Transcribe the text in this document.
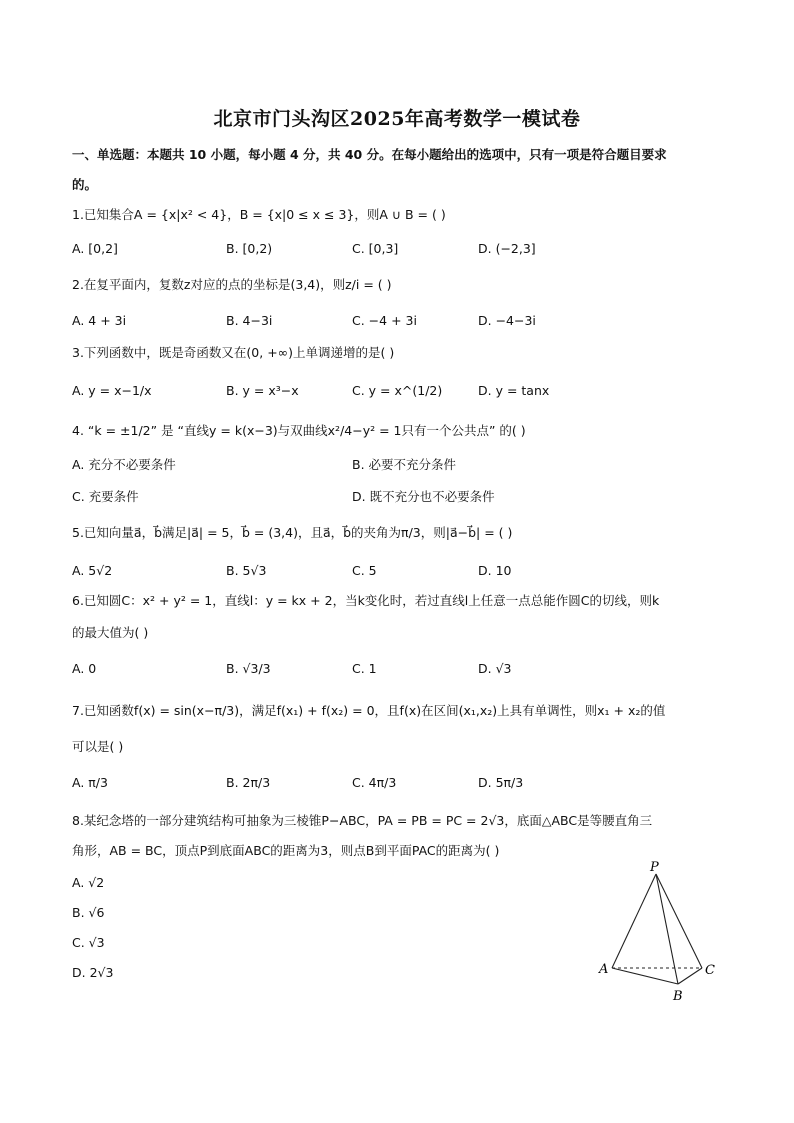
北京市门头沟区2025年高考数学一模试卷
一、单选题：本题共 10 小题，每小题 4 分，共 40 分。在每小题给出的选项中，只有一项是符合题目要求
的。
1.已知集合A = {x|x² < 4}，B = {x|0 ≤ x ≤ 3}，则A ∪ B = ( )
A. [0,2]	B. [0,2)	C. [0,3]	D. (−2,3]
2.在复平面内，复数z对应的点的坐标是(3,4)，则z/i = ( )
A. 4 + 3i	B. 4−3i	C. −4 + 3i	D. −4−3i
3.下列函数中，既是奇函数又在(0, +∞)上单调递增的是( )
A. y = x−1/x	B. y = x³−x	C. y = x^(1/2)	D. y = tanx
4. “k = ±1/2” 是 “直线y = k(x−3)与双曲线x²/4−y² = 1只有一个公共点” 的( )
A. 充分不必要条件	B. 必要不充分条件
C. 充要条件	D. 既不充分也不必要条件
5.已知向量a⃗，b⃗满足|a⃗| = 5，b⃗ = (3,4)，且a⃗，b⃗的夹角为π/3，则|a⃗−b⃗| = ( )
A. 5√2	B. 5√3	C. 5	D. 10
6.已知圆C：x² + y² = 1，直线l：y = kx + 2，当k变化时，若过直线l上任意一点总能作圆C的切线，则k
的最大值为( )
A. 0	B. √3/3	C. 1	D. √3
7.已知函数f(x) = sin(x−π/3)，满足f(x₁) + f(x₂) = 0，且f(x)在区间(x₁,x₂)上具有单调性，则x₁ + x₂的值
可以是( )
A. π/3	B. 2π/3	C. 4π/3	D. 5π/3
8.某纪念塔的一部分建筑结构可抽象为三棱锥P−ABC，PA = PB = PC = 2√3，底面△ABC是等腰直角三
角形，AB = BC，顶点P到底面ABC的距离为3，则点B到平面PAC的距离为( )
A. √2
B. √6
C. √3
D. 2√3
P
A
B
C
